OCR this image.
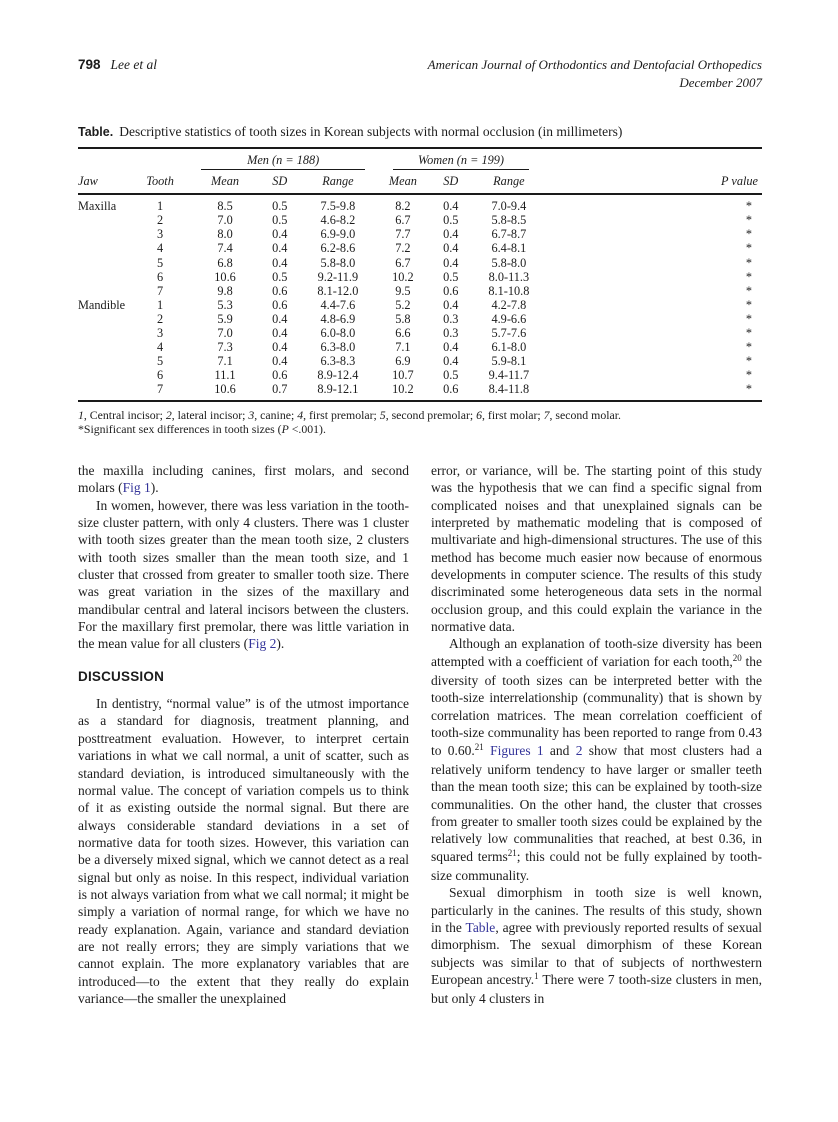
798 Lee et al	American Journal of Orthodontics and Dentofacial Orthopedics
December 2007
Table. Descriptive statistics of tooth sizes in Korean subjects with normal occlusion (in millimeters)

		Men (n = 188)			Women (n = 199)			

Jaw	Tooth	Mean	SD	Range	Mean	SD	Range	P value
Maxilla	1	8.5	0.5	7.5-9.8	8.2	0.4	7.0-9.4	*
	2	7.0	0.5	4.6-8.2	6.7	0.5	5.8-8.5	*
	3	8.0	0.4	6.9-9.0	7.7	0.4	6.7-8.7	*
	4	7.4	0.4	6.2-8.6	7.2	0.4	6.4-8.1	*
	5	6.8	0.4	5.8-8.0	6.7	0.4	5.8-8.0	*
	6	10.6	0.5	9.2-11.9	10.2	0.5	8.0-11.3	*
	7	9.8	0.6	8.1-12.0	9.5	0.6	8.1-10.8	*
Mandible	1	5.3	0.6	4.4-7.6	5.2	0.4	4.2-7.8	*
	2	5.9	0.4	4.8-6.9	5.8	0.3	4.9-6.6	*
	3	7.0	0.4	6.0-8.0	6.6	0.3	5.7-7.6	*
	4	7.3	0.4	6.3-8.0	7.1	0.4	6.1-8.0	*
	5	7.1	0.4	6.3-8.3	6.9	0.4	5.9-8.1	*
	6	11.1	0.6	8.9-12.4	10.7	0.5	9.4-11.7	*
	7	10.6	0.7	8.9-12.1	10.2	0.6	8.4-11.8	*
1, Central incisor; 2, lateral incisor; 3, canine; 4, first premolar; 5, second premolar; 6, first molar; 7, second molar.
*Significant sex differences in tooth sizes (P <.001).

the maxilla including canines, first molars, and second molars (Fig 1).

In women, however, there was less variation in the tooth-size cluster pattern, with only 4 clusters. There was 1 cluster with tooth sizes greater than the mean tooth size, 2 clusters with tooth sizes smaller than the mean tooth size, and 1 cluster that crossed from greater to smaller tooth size. There was great variation in the sizes of the maxillary and mandibular central and lateral incisors between the clusters. For the maxillary first premolar, there was little variation in the mean value for all clusters (Fig 2).

DISCUSSION

In dentistry, “normal value” is of the utmost importance as a standard for diagnosis, treatment planning, and posttreatment evaluation. However, to interpret certain variations in what we call normal, a unit of scatter, such as standard deviation, is introduced simultaneously with the normal value. The concept of variation compels us to think of it as existing outside the normal signal. But there are always considerable standard deviations in a set of normative data for tooth sizes. However, this variation can be a diversely mixed signal, which we cannot detect as a real signal but only as noise. In this respect, individual variation is not always variation from what we call normal; it might be simply a variation of normal range, for which we have no ready explanation. Again, variance and standard deviation are not really errors; they are simply variations that we cannot explain. The more explanatory variables that are introduced—to the extent that they really do explain variance—the smaller the unexplained

error, or variance, will be. The starting point of this study was the hypothesis that we can find a specific signal from complicated noises and that unexplained signals can be interpreted by mathematic modeling that is composed of multivariate and high-dimensional structures. The use of this method has become much easier now because of enormous developments in computer science. The results of this study discriminated some heterogeneous data sets in the normal occlusion group, and this could explain the variance in the normative data.

Although an explanation of tooth-size diversity has been attempted with a coefficient of variation for each tooth,$^{20}$ the diversity of tooth sizes can be interpreted better with the tooth-size interrelationship (communality) that is shown by correlation matrices. The mean correlation coefficient of tooth-size communality has been reported to range from 0.43 to 0.60.21 Figures 1 and 2 show that most clusters had a relatively uniform tendency to have larger or smaller teeth than the mean tooth size; this can be explained by tooth-size communalities. On the other hand, the cluster that crosses from greater to smaller tooth sizes could be explained by the relatively low communalities that reached, at best 0.36, in squared terms$^{21}$; this could not be fully explained by tooth-size communality.

Sexual dimorphism in tooth size is well known, particularly in the canines. The results of this study, shown in the Table, agree with previously reported results of sexual dimorphism. The sexual dimorphism of these Korean subjects was similar to that of subjects of northwestern European ancestry.$^1$ There were 7 tooth-size clusters in men, but only 4 clusters in
